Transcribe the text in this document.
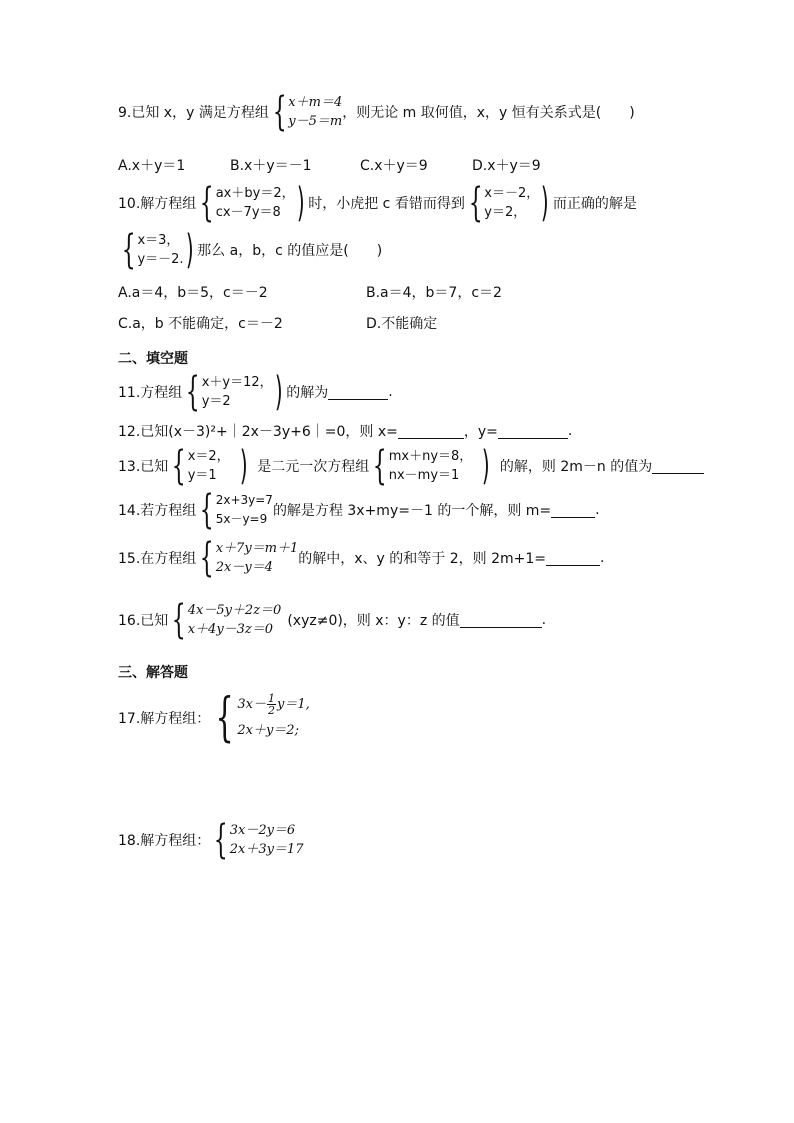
9.已知 x，y 满足方程组 { x＋m＝4
y－5＝m
，则无论 m 取何值，x，y 恒有关系式是(　　)
A.x＋y＝1	B.x＋y＝－1	C.x＋y＝9	D.x＋y＝9
10.解方程组 { ax＋by＝2，
cx－7y＝8 ) 时，小虎把 c 看错而得到 { x＝－2，
y＝2， ) 而正确的解是
{ x＝3，
y＝－2. ) 那么 a，b，c 的值应是(　　)
A.a＝4，b＝5，c＝－2	B.a＝4，b＝7，c＝2
C.a，b 不能确定，c＝－2	D.不能确定
二、填空题
11.方程组 { x＋y＝12，
y＝2	) 的解为	.
12.已知(x－3)²+｜2x－3y+6｜=0，则 x=	，y=	.
13.已知 { x＝2，
y＝1 ) 是二元一次方程组 { mx＋ny＝8，
nx－my＝1 ) 的解，则 2m－n 的值为
14.若方程组 { 2x+3y=7
5x－y=9 的解是方程 3x+my=－1 的一个解，则 m=	.
15.在方程组 { x＋7y＝m＋1
2x－y＝4
的解中，x、y 的和等于 2，则 2m+1=	.
16.已知 { 4x－5y＋2z＝0
x＋4y－3z＝0
(xyz≠0)，则 x：y：z 的值	.
三、解答题
17.解方程组： { $3x- \frac{1}{2} y=1$,
2x＋y＝2;
18.解方程组： { 3x－2y＝6
2x＋3y＝17
